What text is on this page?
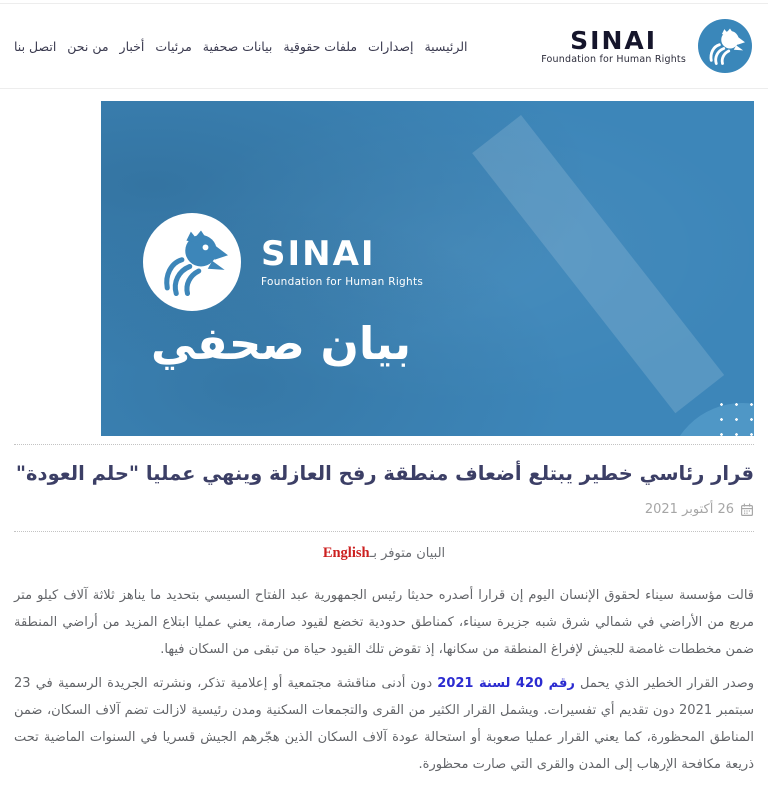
SINAI
Foundation for Human Rights
الرئيسية
إصدارات
ملفات حقوقية
بيانات صحفية
مرئيات
أخبار
من نحن
اتصل بنا
SINAI
Foundation for Human Rights
بيان صحفي
قرار رئاسي خطير يبتلع أضعاف منطقة رفح العازلة وينهي عمليا "حلم العودة"
26 أكتوبر 2021
البيان متوفر بـEnglish

قالت مؤسسة سيناء لحقوق الإنسان اليوم إن قرارا أصدره حديثا رئيس الجمهورية عبد الفتاح السيسي بتحديد ما يناهز ثلاثة آلاف كيلو متر مربع من الأراضي في شمالي شرق شبه جزيرة سيناء، كمناطق حدودية تخضع لقيود صارمة، يعني عمليا ابتلاع المزيد من أراضي المنطقة ضمن مخططات غامضة للجيش لإفراغ المنطقة من سكانها، إذ تقوض تلك القيود حياة من تبقى من السكان فيها.

وصدر القرار الخطير الذي يحمل رقم 420 لسنة 2021 دون أدنى مناقشة مجتمعية أو إعلامية تذكر، ونشرته الجريدة الرسمية في 23 سبتمبر 2021 دون تقديم أي تفسيرات. ويشمل القرار الكثير من القرى والتجمعات السكنية ومدن رئيسية لازالت تضم آلاف السكان، ضمن المناطق المحظورة، كما يعني القرار عمليا صعوبة أو استحالة عودة آلاف السكان الذين هجّرهم الجيش قسريا في السنوات الماضية تحت ذريعة مكافحة الإرهاب إلى المدن والقرى التي صارت محظورة.
